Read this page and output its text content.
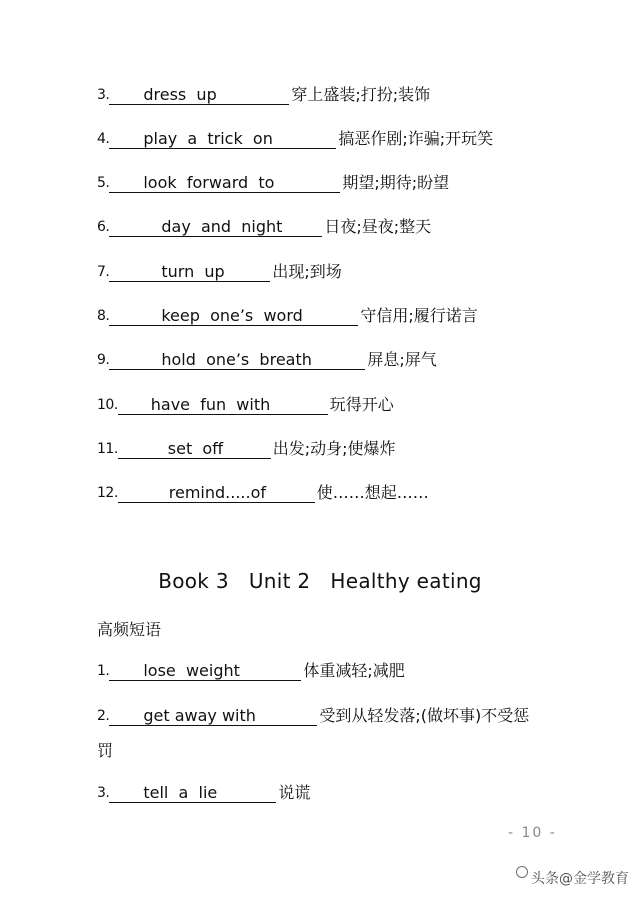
3.	dress  up	穿上盛装;打扮;装饰
4.	play  a  trick  on	搞恶作剧;诈骗;开玩笑
5.	look  forward  to	期望;期待;盼望
6.	day  and  night	日夜;昼夜;整天
7.	turn  up	出现;到场
8.	keep  one’s  word	守信用;履行诺言
9.	hold  one’s  breath	屏息;屏气
10.	have  fun  with	玩得开心
11.	set  off	出发;动身;使爆炸
12.	remind.....of	使……想起……
Book 3   Unit 2   Healthy eating
高频短语
1.	lose  weight	体重减轻;减肥
2.	get away with	受到从轻发落;(做坏事)不受惩
罚
3.	tell  a  lie	说谎
- 10 -
头条@金学教育
